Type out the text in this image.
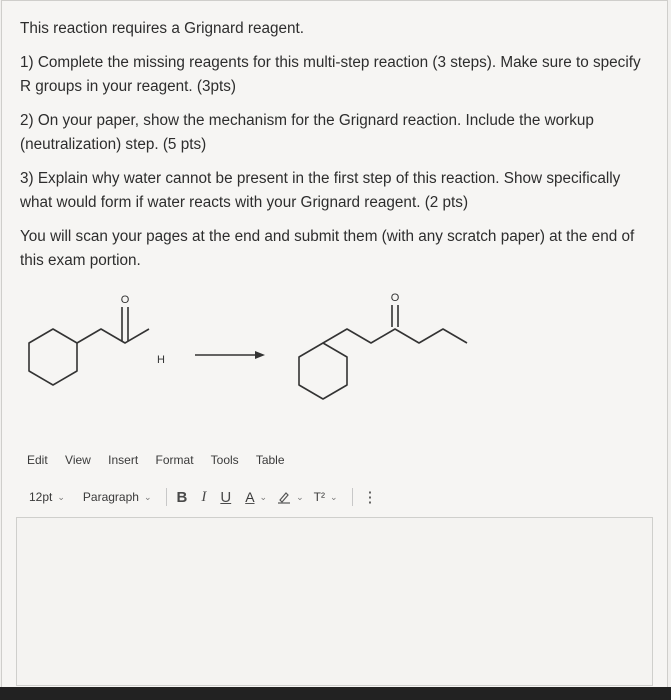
This reaction requires a Grignard reagent.

1) Complete the missing reagents for this multi-step reaction (3 steps). Make sure to specify R groups in your reagent. (3pts)

2) On your paper, show the mechanism for the Grignard reaction. Include the workup (neutralization) step. (5 pts)

3) Explain why water cannot be present in the first step of this reaction. Show specifically what would form if water reacts with your Grignard reagent. (2 pts)

You will scan your pages at the end and submit them (with any scratch paper) at the end of this exam portion.

O
H
O
Edit View Insert Format Tools Table
12pt ⌄ Paragraph ⌄ B I U A ⌄	⌄ T² ⌄ ⋮
